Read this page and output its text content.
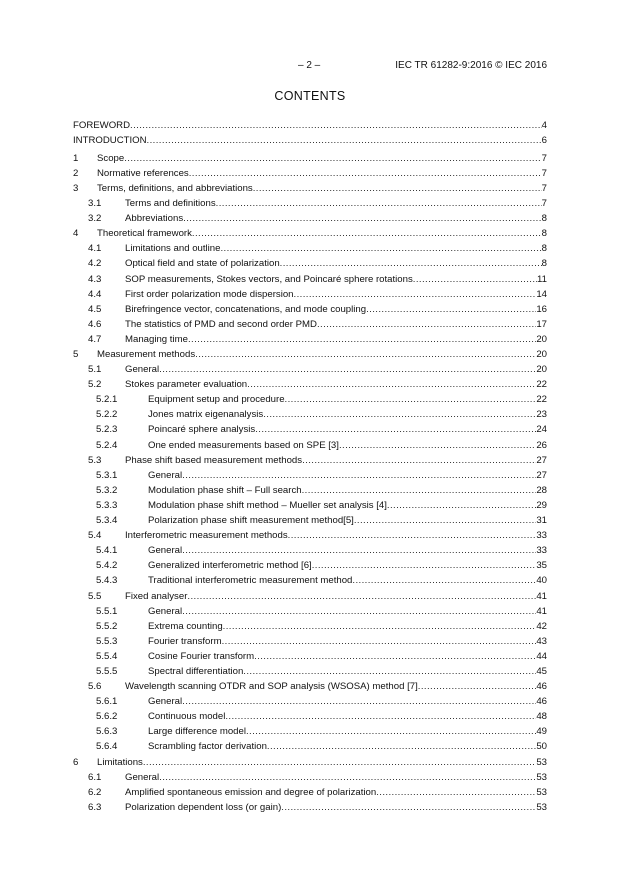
– 2 –	IEC TR 61282-9:2016 © IEC 2016
CONTENTS
FOREWORD .....	4
INTRODUCTION .....	6
1	Scope .....	7
2	Normative references .....	7
3	Terms, definitions, and abbreviations .....	7
3.1	Terms and definitions .....	7
3.2	Abbreviations .....	8
4	Theoretical framework .....	8
4.1	Limitations and outline .....	8
4.2	Optical field and state of polarization .....	8
4.3	SOP measurements, Stokes vectors, and Poincaré sphere rotations .....	11
4.4	First order polarization mode dispersion .....	14
4.5	Birefringence vector, concatenations, and mode coupling .....	16
4.6	The statistics of PMD and second order PMD .....	17
4.7	Managing time .....	20
5	Measurement methods .....	20
5.1	General .....	20
5.2	Stokes parameter evaluation .....	22
5.2.1	Equipment setup and procedure .....	22
5.2.2	Jones matrix eigenanalysis .....	23
5.2.3	Poincaré sphere analysis .....	24
5.2.4	One ended measurements based on SPE [3] .....	26
5.3	Phase shift based measurement methods .....	27
5.3.1	General .....	27
5.3.2	Modulation phase shift – Full search .....	28
5.3.3	Modulation phase shift method – Mueller set analysis [4] .....	29
5.3.4	Polarization phase shift measurement method[5] .....	31
5.4	Interferometric measurement methods .....	33
5.4.1	General .....	33
5.4.2	Generalized interferometric method [6] .....	35
5.4.3	Traditional interferometric measurement method .....	40
5.5	Fixed analyser .....	41
5.5.1	General .....	41
5.5.2	Extrema counting .....	42
5.5.3	Fourier transform .....	43
5.5.4	Cosine Fourier transform .....	44
5.5.5	Spectral differentiation .....	45
5.6	Wavelength scanning OTDR and SOP analysis (WSOSA) method [7] .....	46
5.6.1	General .....	46
5.6.2	Continuous model .....	48
5.6.3	Large difference model .....	49
5.6.4	Scrambling factor derivation .....	50
6	Limitations .....	53
6.1	General .....	53
6.2	Amplified spontaneous emission and degree of polarization .....	53
6.3	Polarization dependent loss (or gain) .....	53
